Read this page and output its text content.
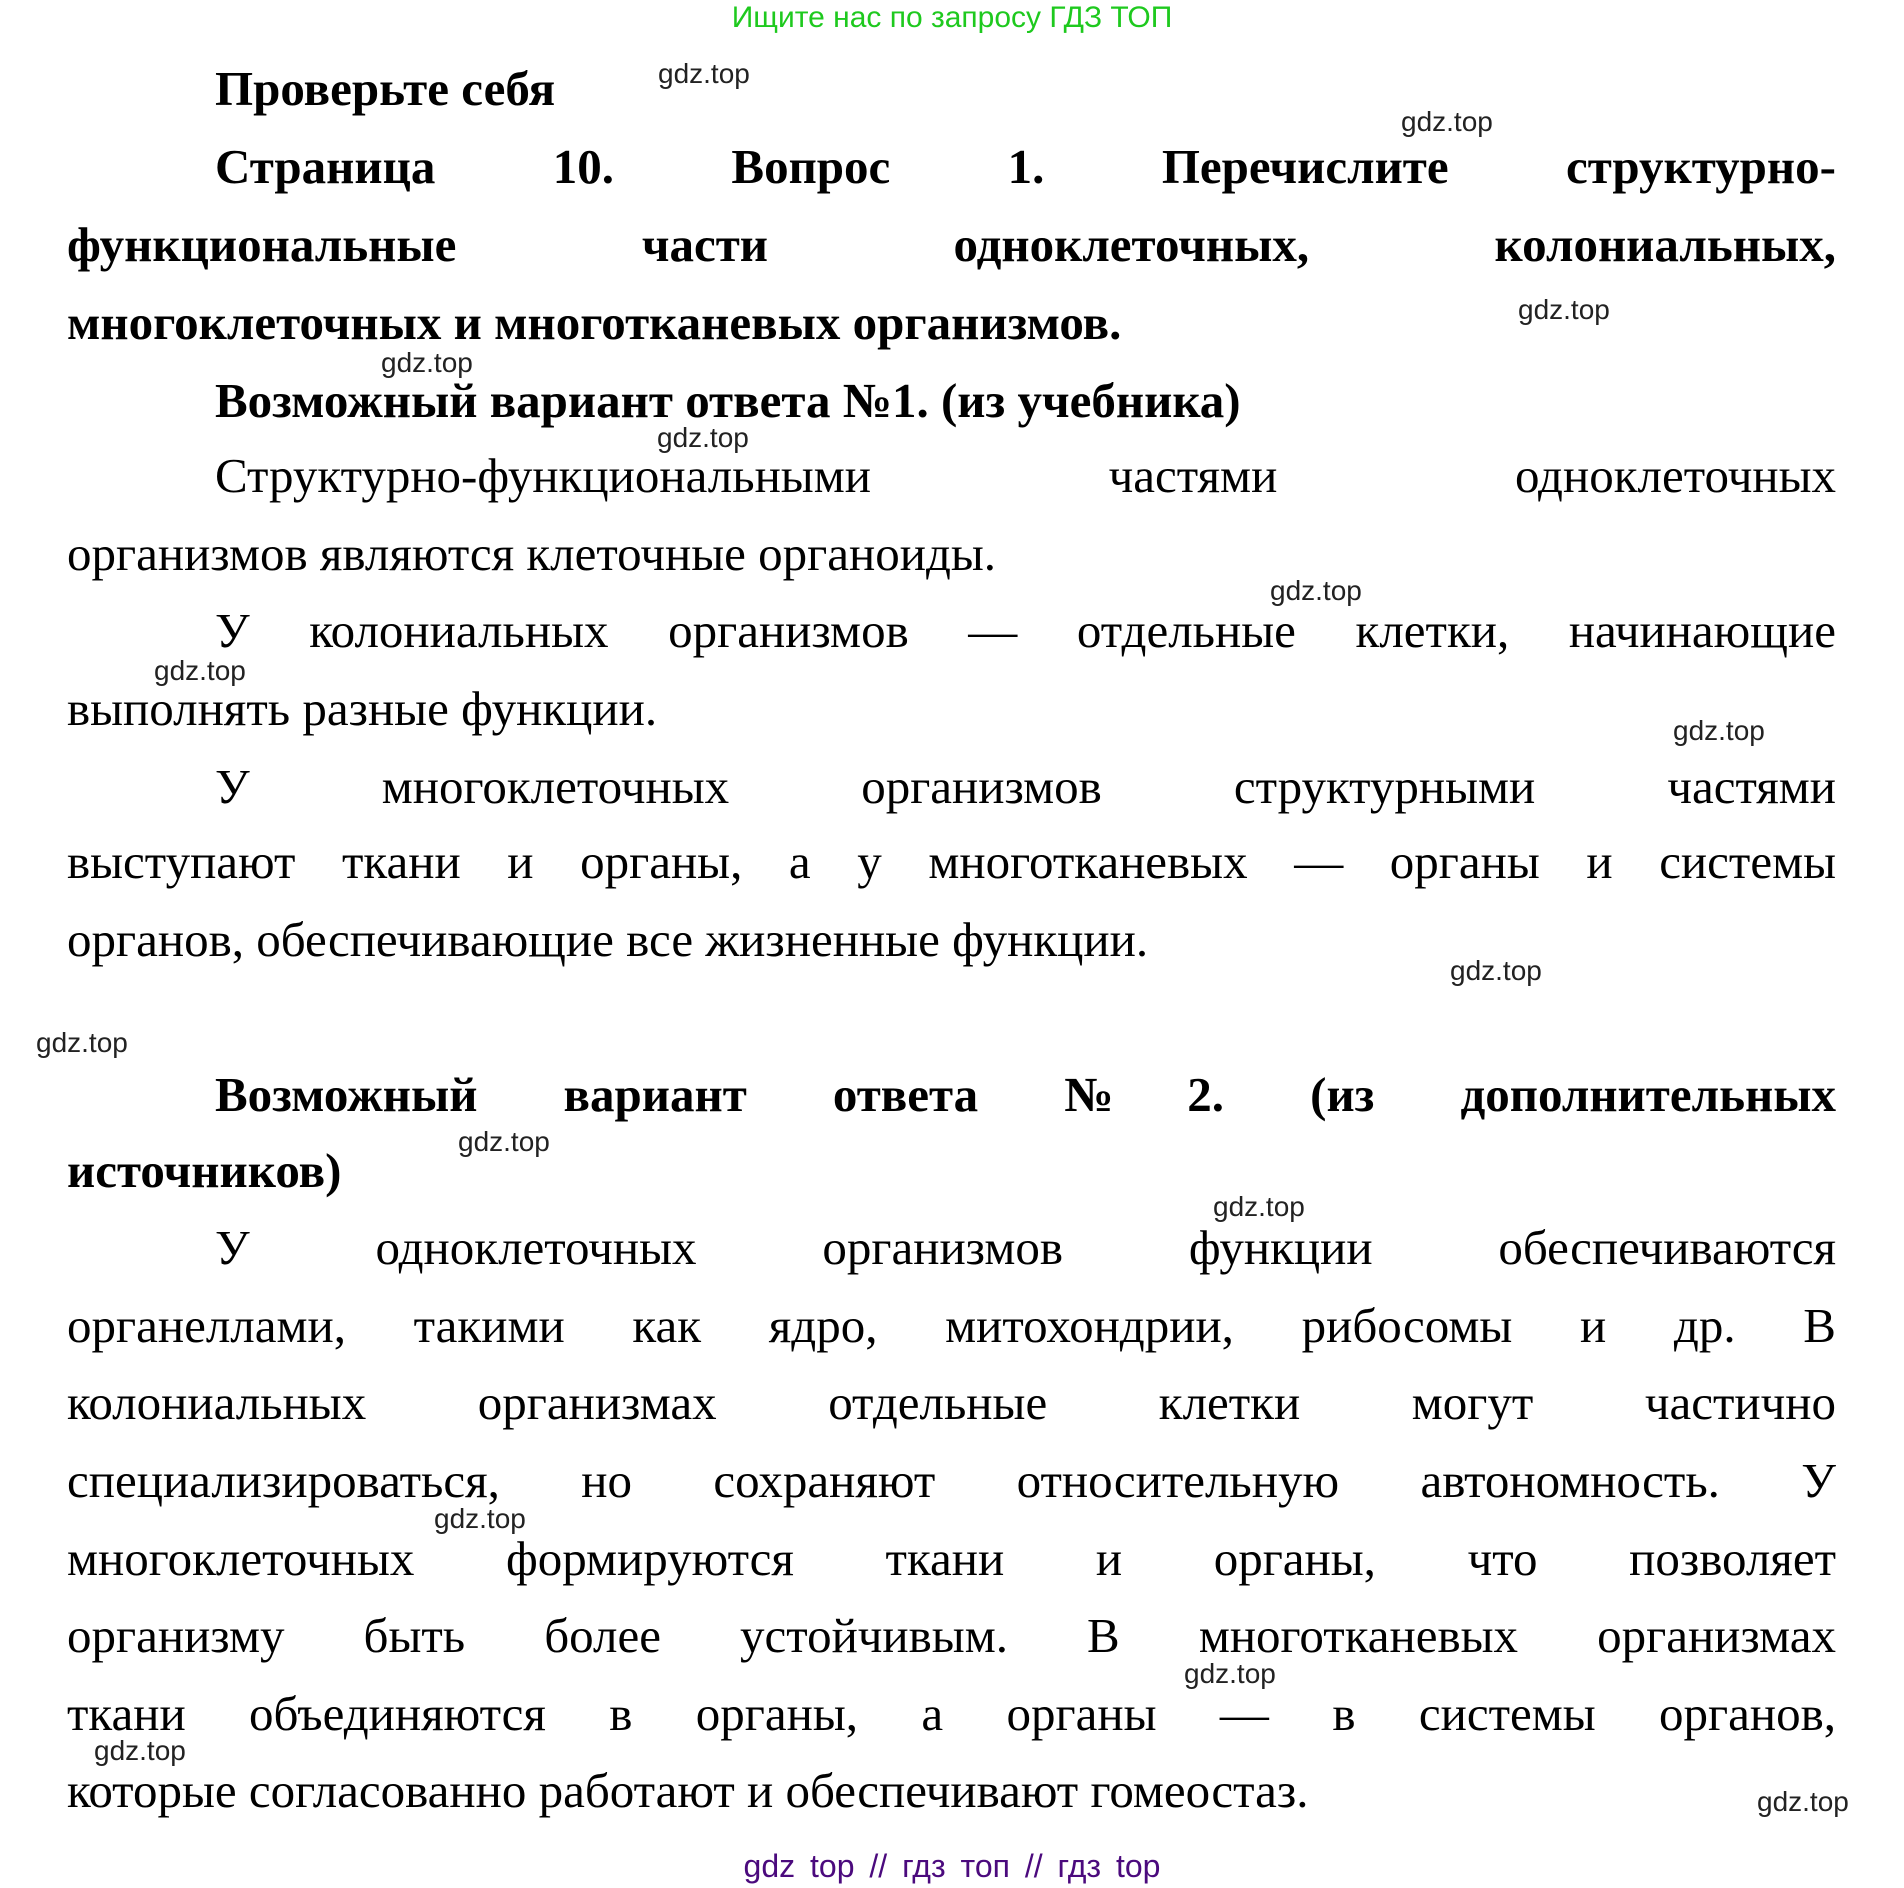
Ищите нас по запросу ГДЗ ТОП
Проверьте себя
Страница 10. Вопрос 1. Перечислите структурно-
функциональные части одноклеточных, колониальных,
многоклеточных и многотканевых организмов.
Возможный вариант ответа №1. (из учебника)
Структурно-функциональными частями одноклеточных
организмов являются клеточные органоиды.
У колониальных организмов — отдельные клетки, начинающие
выполнять разные функции.
У многоклеточных организмов структурными частями
выступают ткани и органы, а у многотканевых — органы и системы
органов, обеспечивающие все жизненные функции.
Возможный вариант ответа №2. (из дополнительных
источников)
У одноклеточных организмов функции обеспечиваются
органеллами, такими как ядро, митохондрии, рибосомы и др. В
колониальных организмах отдельные клетки могут частично
специализироваться, но сохраняют относительную автономность. У
многоклеточных формируются ткани и органы, что позволяет
организму быть более устойчивым. В многотканевых организмах
ткани объединяются в органы, а органы — в системы органов,
которые согласованно работают и обеспечивают гомеостаз.
gdz.top
gdz.top
gdz.top
gdz.top
gdz.top
gdz.top
gdz.top
gdz.top
gdz.top
gdz.top
gdz.top
gdz.top
gdz.top
gdz.top
gdz.top
gdz.top
gdz top // гдз топ // гдз top
